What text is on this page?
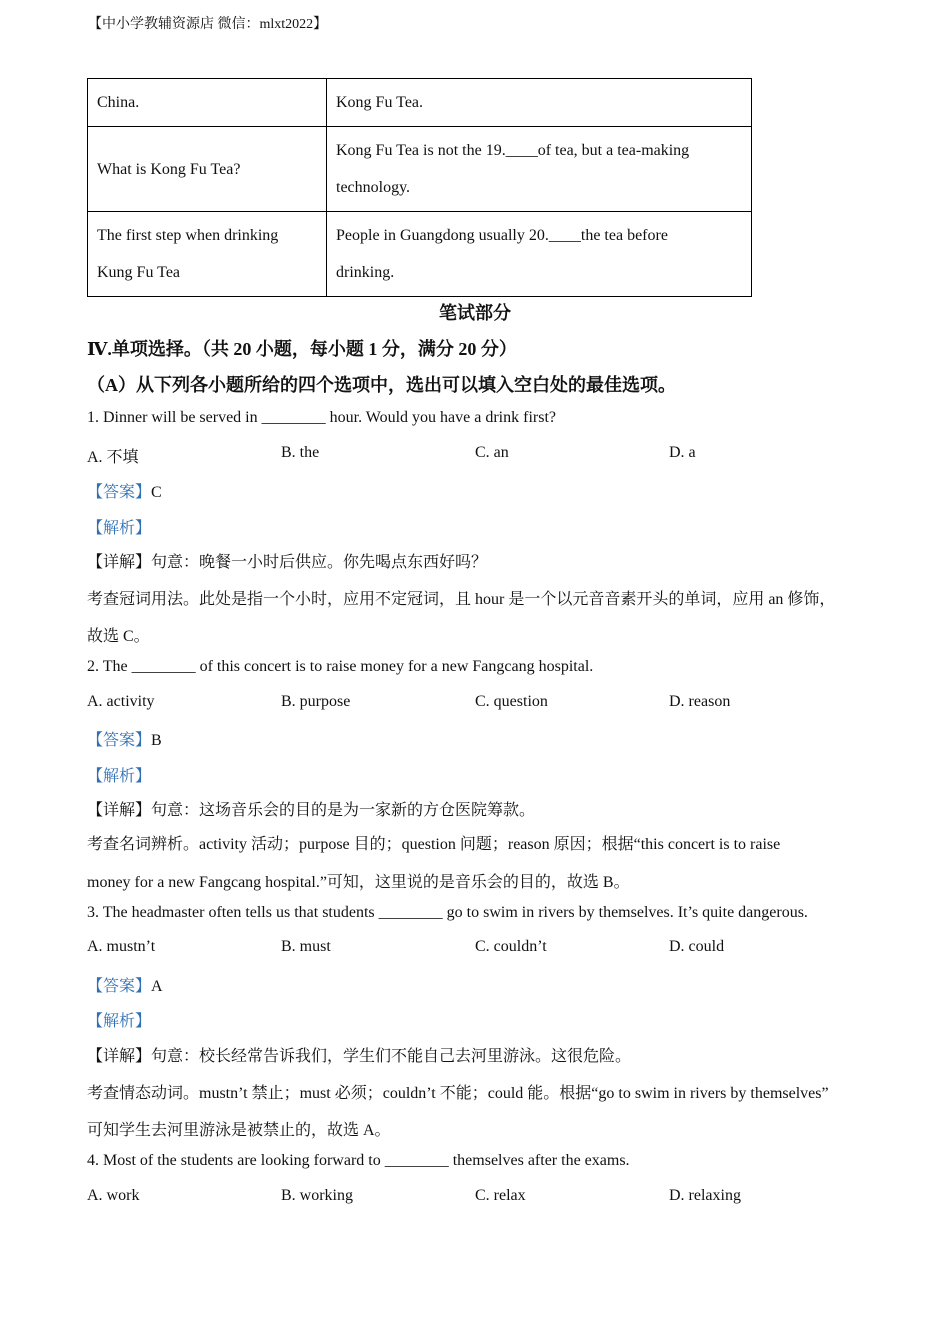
【中小学教辅资源店 微信：mlxt2022】
China.	Kong Fu Tea.
What is Kong Fu Tea?	Kong Fu Tea is not the 19.____of tea, but a tea-making
technology.
The first step when drinking
Kung Fu Tea	People in Guangdong usually 20.____the tea before
drinking.
笔试部分
Ⅳ.单项选择。（共 20 小题，每小题 1 分，满分 20 分）
（A）从下列各小题所给的四个选项中，选出可以填入空白处的最佳选项。
1. Dinner will be served in ________ hour. Would you have a drink first?
A. 不填	B. the	C. an	D. a
【答案】C
【解析】
【详解】句意：晚餐一小时后供应。你先喝点东西好吗？
考查冠词用法。此处是指一个小时，应用不定冠词，且 hour 是一个以元音音素开头的单词，应用 an 修饰，
故选 C。
2. The ________ of this concert is to raise money for a new Fangcang hospital.
A. activity	B. purpose	C. question	D. reason
【答案】B
【解析】
【详解】句意：这场音乐会的目的是为一家新的方仓医院筹款。
考查名词辨析。activity 活动；purpose 目的；question 问题；reason 原因；根据“this concert is to raise
money for a new Fangcang hospital.”可知，这里说的是音乐会的目的，故选 B。
3. The headmaster often tells us that students ________ go to swim in rivers by themselves. It’s quite dangerous.
A. mustn’t	B. must	C. couldn’t	D. could
【答案】A
【解析】
【详解】句意：校长经常告诉我们，学生们不能自己去河里游泳。这很危险。
考查情态动词。mustn’t 禁止；must 必须；couldn’t 不能；could 能。根据“go to swim in rivers by themselves”
可知学生去河里游泳是被禁止的，故选 A。
4. Most of the students are looking forward to ________ themselves after the exams.
A. work	B. working	C. relax	D. relaxing
